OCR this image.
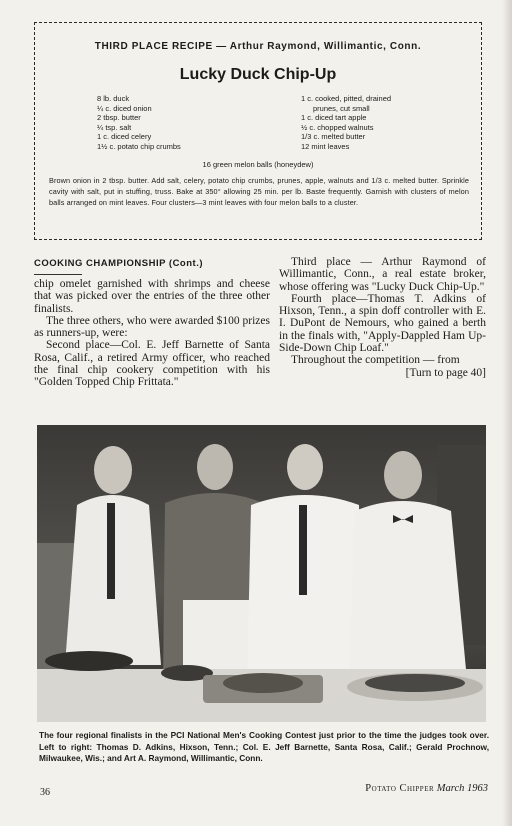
THIRD PLACE RECIPE — Arthur Raymond, Willimantic, Conn.
Lucky Duck Chip-Up
8 lb. duck
¼ c. diced onion
2 tbsp. butter
¼ tsp. salt
1 c. diced celery
1½ c. potato chip crumbs
1 c. cooked, pitted, drained
prunes, cut small
1 c. diced tart apple
½ c. chopped walnuts
1/3 c. melted butter
12 mint leaves
16 green melon balls (honeydew)

Brown onion in 2 tbsp. butter. Add salt, celery, potato chip crumbs, prunes, apple, walnuts and 1/3 c. melted butter. Sprinkle cavity with salt, put in stuffing, truss. Bake at 350° allowing 25 min. per lb. Baste frequently. Garnish with clusters of melon balls arranged on mint leaves. Four clusters—3 mint leaves with four melon balls to a cluster.

COOKING CHAMPIONSHIP (Cont.)

chip omelet garnished with shrimps and cheese that was picked over the entries of the three other finalists.

The three others, who were awarded $100 prizes as runners-up, were:

Second place—Col. E. Jeff Barnette of Santa Rosa, Calif., a retired Army officer, who reached the final chip cookery competition with his "Golden Topped Chip Frittata."

Third place — Arthur Raymond of Willimantic, Conn., a real estate broker, whose offering was "Lucky Duck Chip-Up."

Fourth place—Thomas T. Adkins of Hixson, Tenn., a spin doff controller with E. I. DuPont de Nemours, who gained a berth in the finals with, "Apply-Dappled Ham Up-Side-Down Chip Loaf."

Throughout the competition — from

[Turn to page 40]

The four regional finalists in the PCI National Men's Cooking Contest just prior to the time the judges took over. Left to right: Thomas D. Adkins, Hixson, Tenn.; Col. E. Jeff Barnette, Santa Rosa, Calif.; Gerald Prochnow, Milwaukee, Wis.; and Art A. Raymond, Willimantic, Conn.

36	Potato Chipper March 1963
